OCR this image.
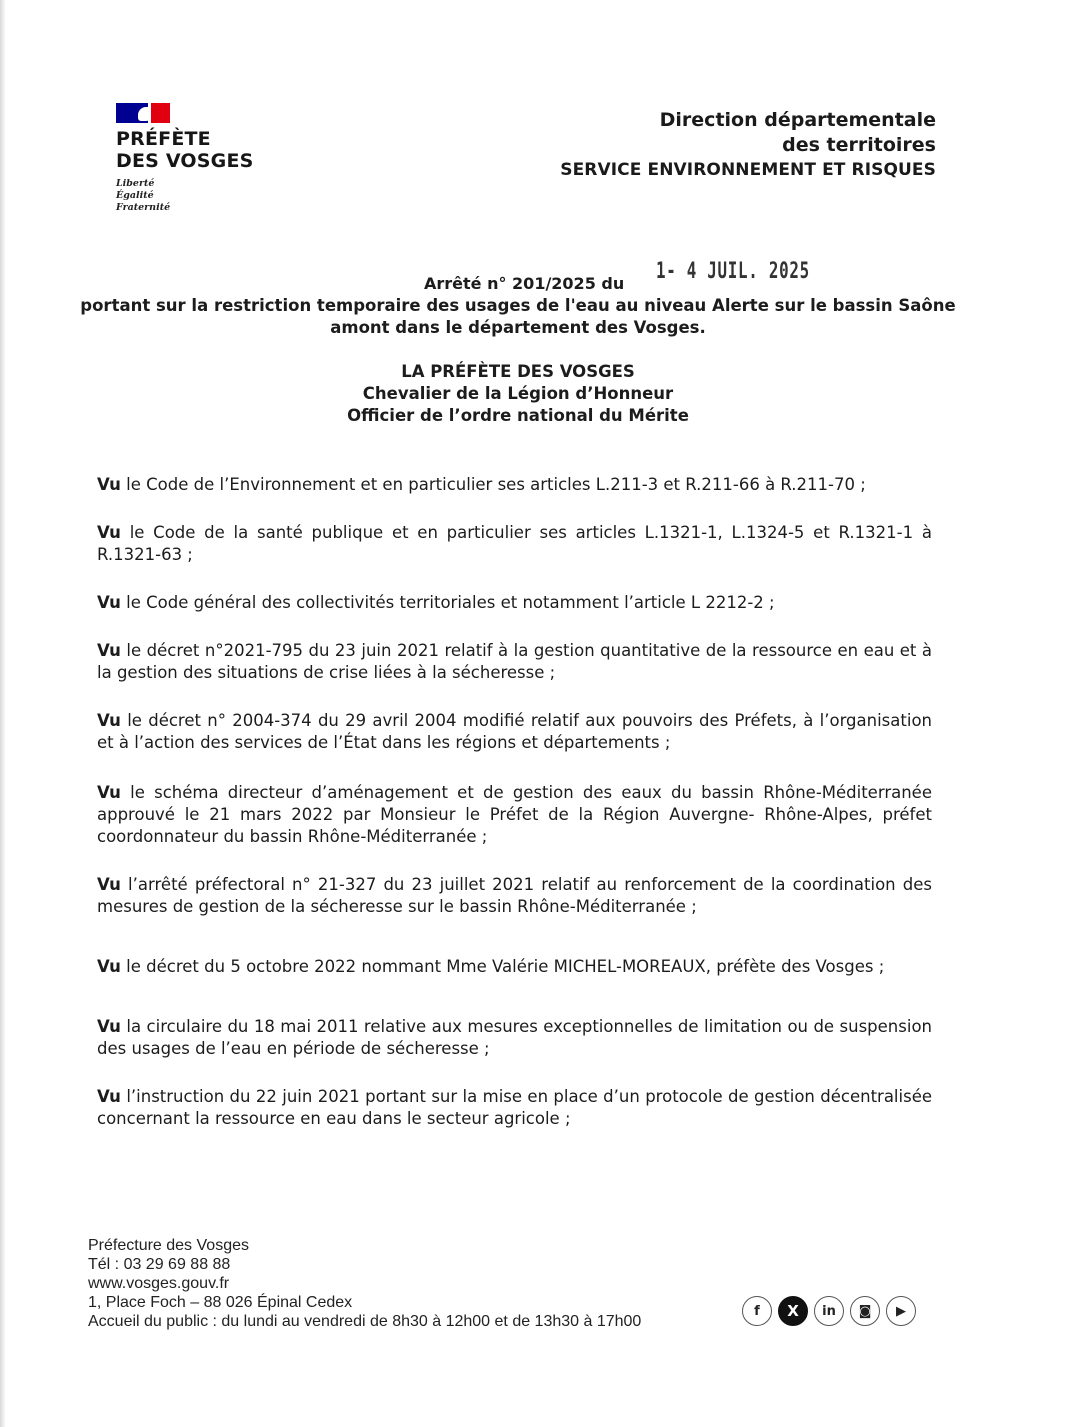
PRÉFÈTE
DES VOSGES
Liberté
Égalité
Fraternité
Direction départementale
des territoires
SERVICE ENVIRONNEMENT ET RISQUES
Arrêté n° 201/2025 du 1- 4 JUIL. 2025
portant sur la restriction temporaire des usages de l'eau au niveau Alerte sur le bassin Saône
amont dans le département des Vosges.
LA PRÉFÈTE DES VOSGES
Chevalier de la Légion d’Honneur
Officier de l’ordre national du Mérite
Vu le Code de l’Environnement et en particulier ses articles L.211-3 et R.211-66 à R.211-70 ;
Vu le Code de la santé publique et en particulier ses articles L.1321-1, L.1324-5 et R.1321-1 à R.1321-63 ;
Vu le Code général des collectivités territoriales et notamment l’article L 2212-2 ;
Vu le décret n°2021-795 du 23 juin 2021 relatif à la gestion quantitative de la ressource en eau et à la gestion des situations de crise liées à la sécheresse ;
Vu le décret n° 2004-374 du 29 avril 2004 modifié relatif aux pouvoirs des Préfets, à l’organisation et à l’action des services de l’État dans les régions et départements ;
Vu le schéma directeur d’aménagement et de gestion des eaux du bassin Rhône-Méditerranée approuvé le 21 mars 2022 par Monsieur le Préfet de la Région Auvergne- Rhône-Alpes, préfet coordonnateur du bassin Rhône-Méditerranée ;
Vu l’arrêté préfectoral n° 21-327 du 23 juillet 2021 relatif au renforcement de la coordination des mesures de gestion de la sécheresse sur le bassin Rhône-Méditerranée ;
Vu le décret du 5 octobre 2022 nommant Mme Valérie MICHEL-MOREAUX, préfète des Vosges ;
Vu la circulaire du 18 mai 2011 relative aux mesures exceptionnelles de limitation ou de suspension des usages de l’eau en période de sécheresse ;
Vu l’instruction du 22 juin 2021 portant sur la mise en place d’un protocole de gestion décentralisée concernant la ressource en eau dans le secteur agricole ;
Préfecture des Vosges
Tél : 03 29 69 88 88
www.vosges.gouv.fr
1, Place Foch – 88 026 Épinal Cedex
Accueil du public : du lundi au vendredi de 8h30 à 12h00 et de 13h30 à 17h00
f	X	in	◙	▶
